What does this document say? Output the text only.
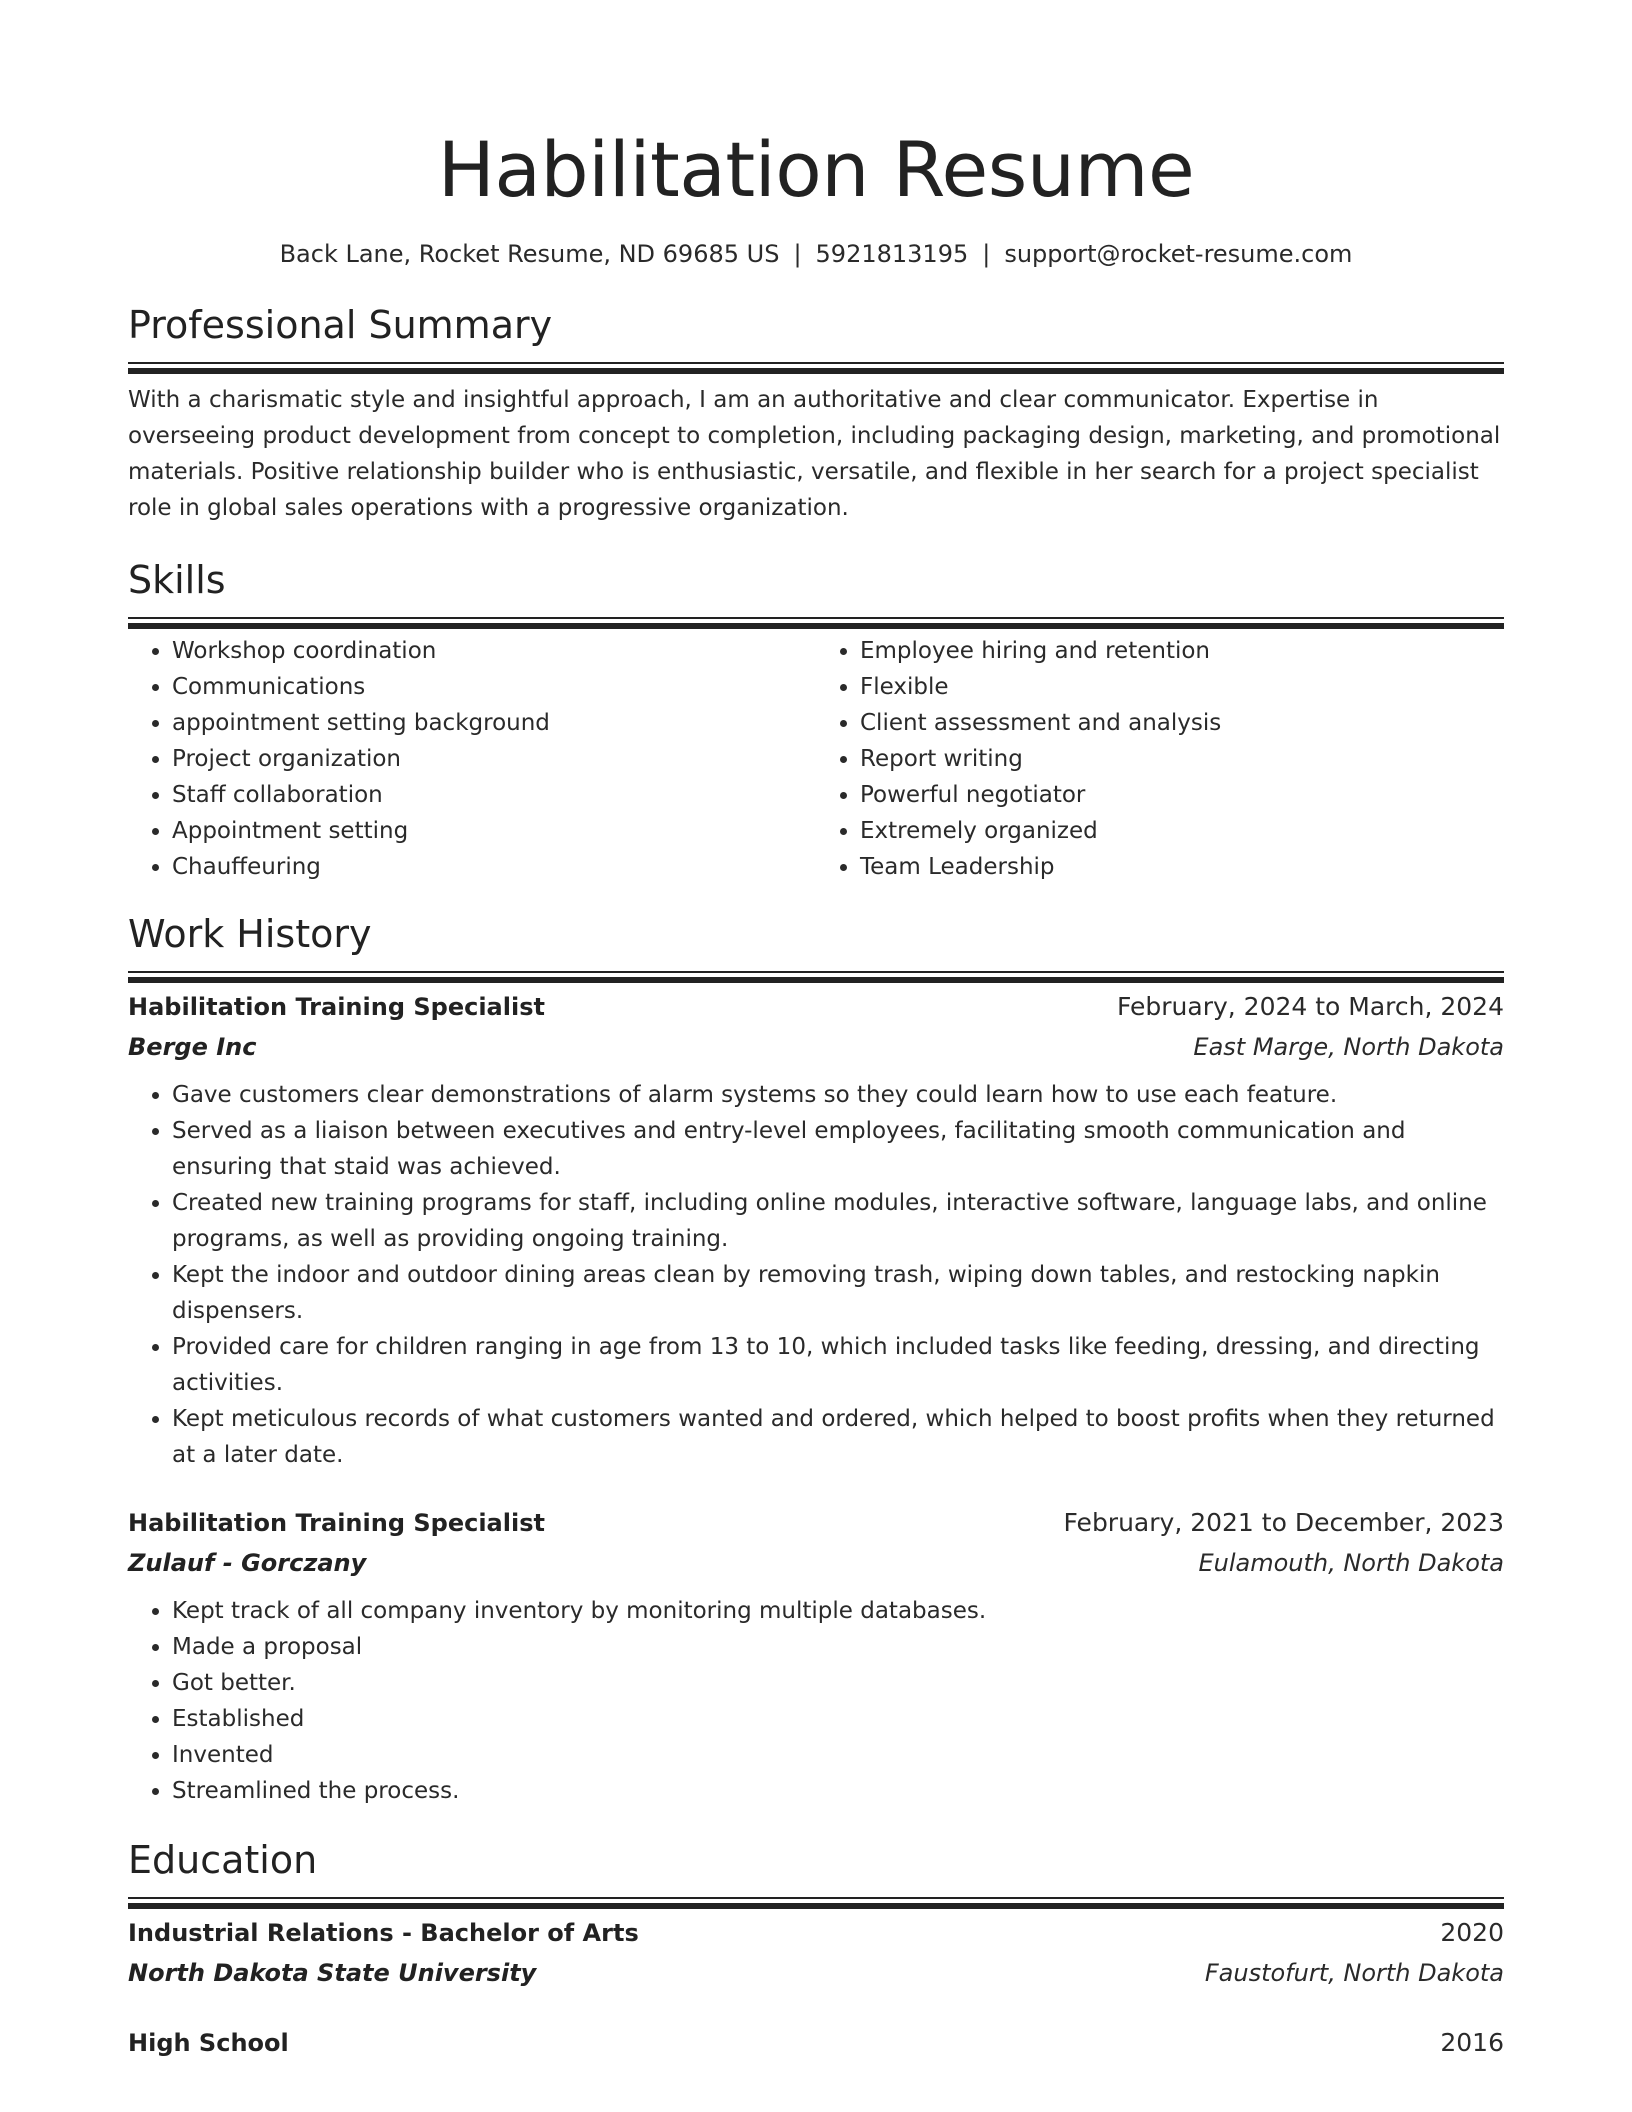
Habilitation Resume
Back Lane, Rocket Resume, ND 69685 US | 5921813195 | support@rocket-resume.com
Professional Summary

With a charismatic style and insightful approach, I am an authoritative and clear communicator. Expertise in overseeing product development from concept to completion, including packaging design, marketing, and promotional materials. Positive relationship builder who is enthusiastic, versatile, and flexible in her search for a project specialist role in global sales operations with a progressive organization.

Skills
• Workshop coordination
• Communications
• appointment setting background
• Project organization
• Staff collaboration
• Appointment setting
• Chauffeuring
• Employee hiring and retention
• Flexible
• Client assessment and analysis
• Report writing
• Powerful negotiator
• Extremely organized
• Team Leadership
Work History
Habilitation Training Specialist	February, 2024 to March, 2024
Berge Inc	East Marge, North Dakota
• Gave customers clear demonstrations of alarm systems so they could learn how to use each feature.
• Served as a liaison between executives and entry-level employees, facilitating smooth communication and ensuring that staid was achieved.
• Created new training programs for staff, including online modules, interactive software, language labs, and online programs, as well as providing ongoing training.
• Kept the indoor and outdoor dining areas clean by removing trash, wiping down tables, and restocking napkin dispensers.
• Provided care for children ranging in age from 13 to 10, which included tasks like feeding, dressing, and directing activities.
• Kept meticulous records of what customers wanted and ordered, which helped to boost profits when they returned at a later date.
Habilitation Training Specialist	February, 2021 to December, 2023
Zulauf - Gorczany	Eulamouth, North Dakota
• Kept track of all company inventory by monitoring multiple databases.
• Made a proposal
• Got better.
• Established
• Invented
• Streamlined the process.
Education
Industrial Relations - Bachelor of Arts	2020
North Dakota State University	Faustofurt, North Dakota
High School	2016
